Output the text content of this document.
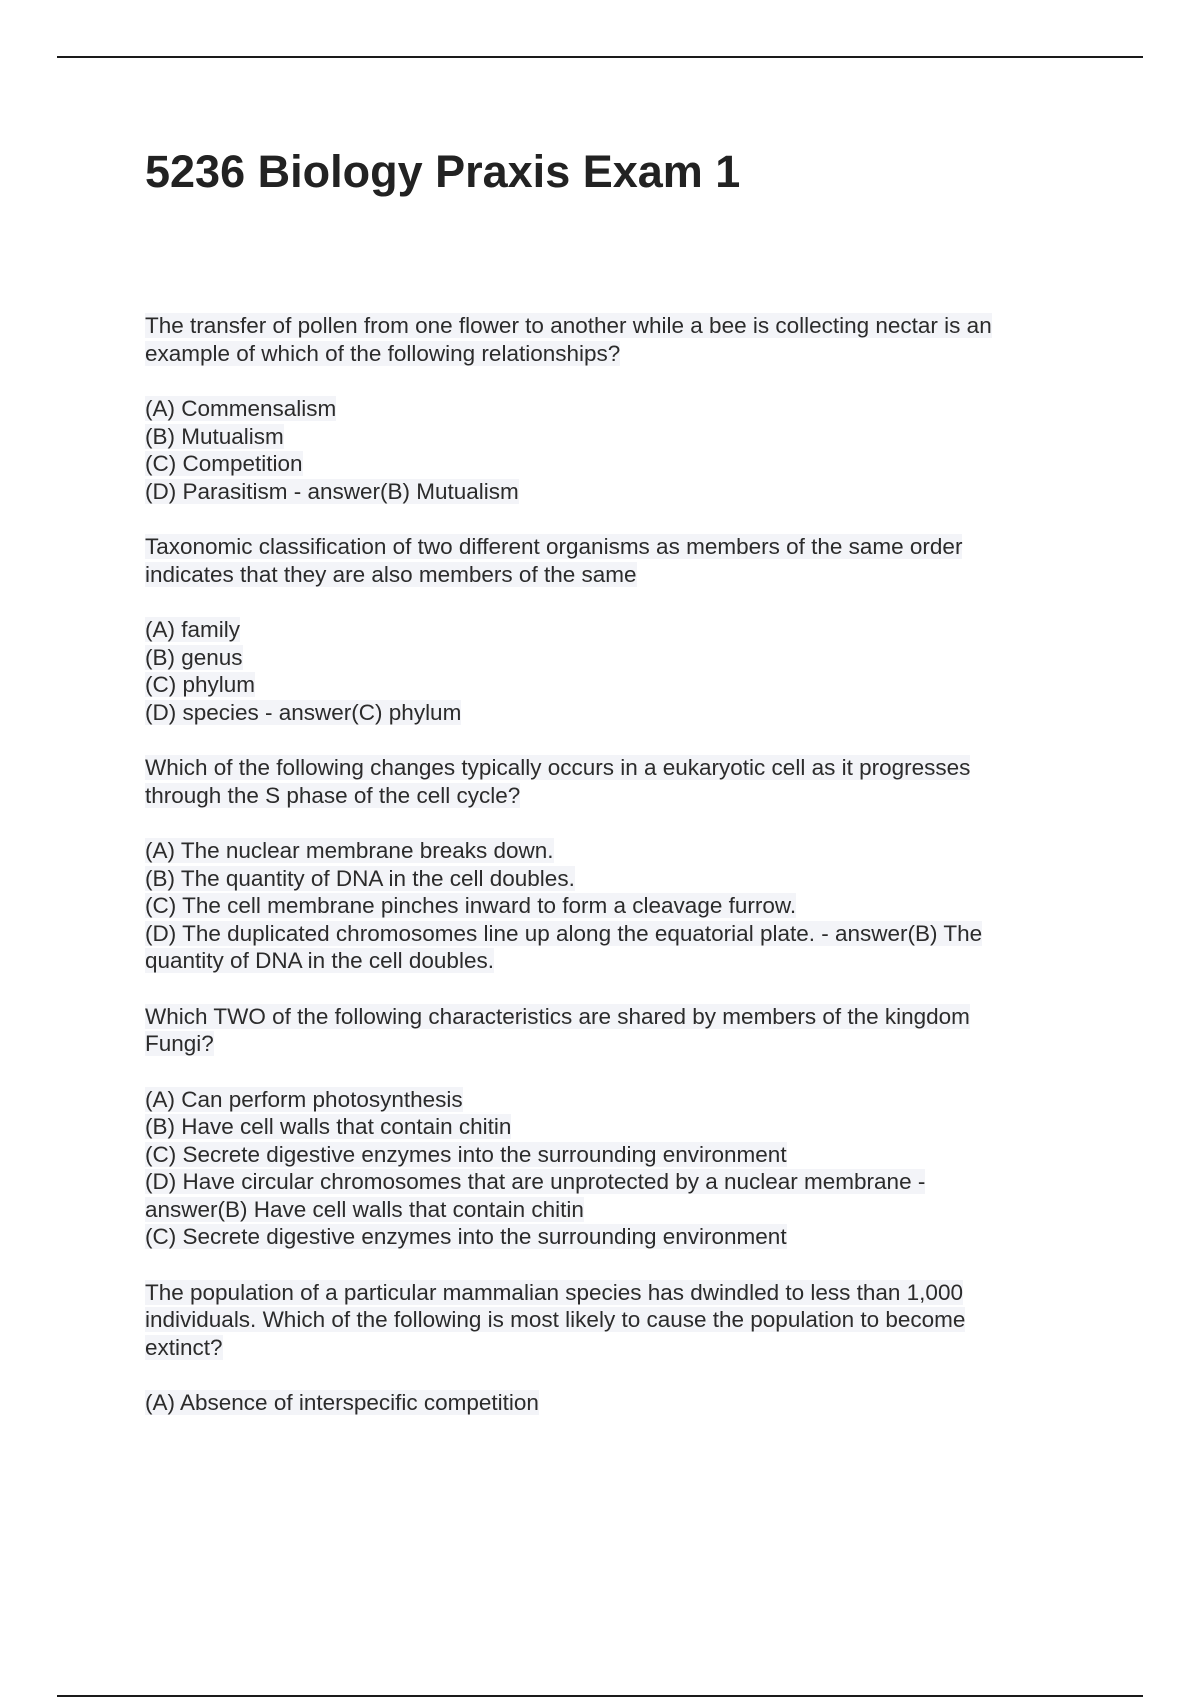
5236 Biology Praxis Exam 1
The transfer of pollen from one flower to another while a bee is collecting nectar is an
example of which of the following relationships?
(A) Commensalism
(B) Mutualism
(C) Competition
(D) Parasitism - answer(B) Mutualism
Taxonomic classification of two different organisms as members of the same order
indicates that they are also members of the same
(A) family
(B) genus
(C) phylum
(D) species - answer(C) phylum
Which of the following changes typically occurs in a eukaryotic cell as it progresses
through the S phase of the cell cycle?
(A) The nuclear membrane breaks down.
(B) The quantity of DNA in the cell doubles.
(C) The cell membrane pinches inward to form a cleavage furrow.
(D) The duplicated chromosomes line up along the equatorial plate. - answer(B) The
quantity of DNA in the cell doubles.
Which TWO of the following characteristics are shared by members of the kingdom
Fungi?
(A) Can perform photosynthesis
(B) Have cell walls that contain chitin
(C) Secrete digestive enzymes into the surrounding environment
(D) Have circular chromosomes that are unprotected by a nuclear membrane -
answer(B) Have cell walls that contain chitin
(C) Secrete digestive enzymes into the surrounding environment
The population of a particular mammalian species has dwindled to less than 1,000
individuals. Which of the following is most likely to cause the population to become
extinct?
(A) Absence of interspecific competition
